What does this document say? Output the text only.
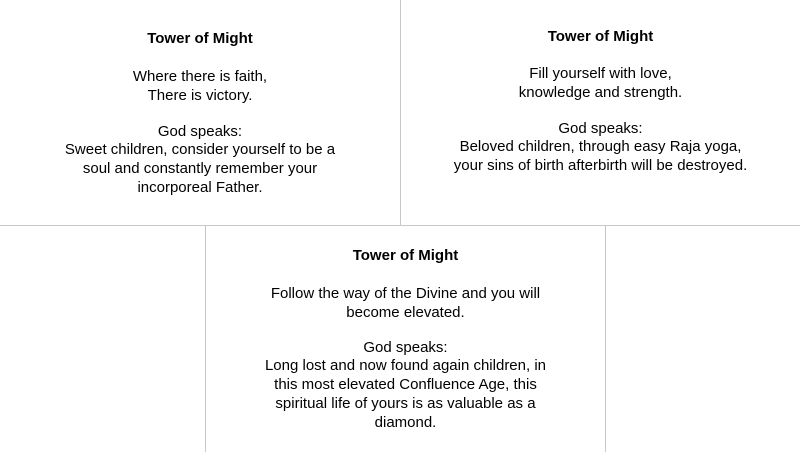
Tower of Might
Where there is faith,
There is victory.
God speaks:
Sweet children, consider yourself to be a
soul and constantly remember your
incorporeal Father.
Tower of Might
Fill yourself with love,
knowledge and strength.
God speaks:
Beloved children, through easy Raja yoga,
your sins of birth afterbirth will be destroyed.
Tower of Might
Follow the way of the Divine and you will
become elevated.
God speaks:
Long lost and now found again children, in
this most elevated Confluence Age, this
spiritual life of yours is as valuable as a
diamond.
